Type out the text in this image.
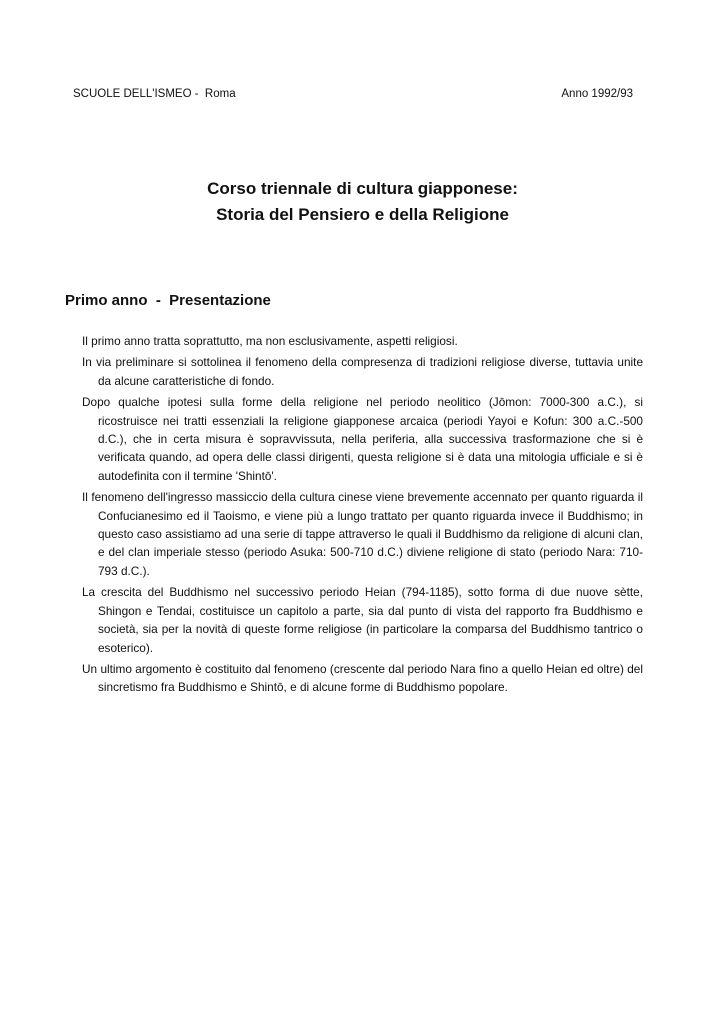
SCUOLE DELL'ISMEO -  Roma	Anno 1992/93
Corso triennale di cultura giapponese:
Storia del Pensiero e della Religione
Primo anno  -  Presentazione

Il primo anno tratta soprattutto, ma non esclusivamente, aspetti religiosi.

In via preliminare si sottolinea il fenomeno della compresenza di tradizioni religiose diverse, tuttavia unite da alcune caratteristiche di fondo.

Dopo qualche ipotesi sulla forme della religione nel periodo neolitico (Jōmon: 7000-300 a.C.), si ricostruisce nei tratti essenziali la religione giapponese arcaica (periodi Yayoi e Kofun: 300 a.C.-500 d.C.), che in certa misura è sopravvissuta, nella periferia, alla successiva trasformazione che si è verificata quando, ad opera delle classi dirigenti, questa religione si è data una mitologia ufficiale e si è autodefinita con il termine 'Shintō'.

Il fenomeno dell'ingresso massiccio della cultura cinese viene brevemente accennato per quanto riguarda il Confucianesimo ed il Taoismo, e viene più a lungo trattato per quanto riguarda invece il Buddhismo; in questo caso assistiamo ad una serie di tappe attraverso le quali il Buddhismo da religione di alcuni clan, e del clan imperiale stesso (periodo Asuka: 500-710 d.C.) diviene religione di stato (periodo Nara: 710-793 d.C.).

La crescita del Buddhismo nel successivo periodo Heian (794-1185), sotto forma di due nuove sètte, Shingon e Tendai, costituisce un capitolo a parte, sia dal punto di vista del rapporto fra Buddhismo e società, sia per la novità di queste forme religiose (in particolare la comparsa del Buddhismo tantrico o esoterico).

Un ultimo argomento è costituito dal fenomeno (crescente dal periodo Nara fino a quello Heian ed oltre) del sincretismo fra Buddhismo e Shintō, e di alcune forme di Buddhismo popolare.
